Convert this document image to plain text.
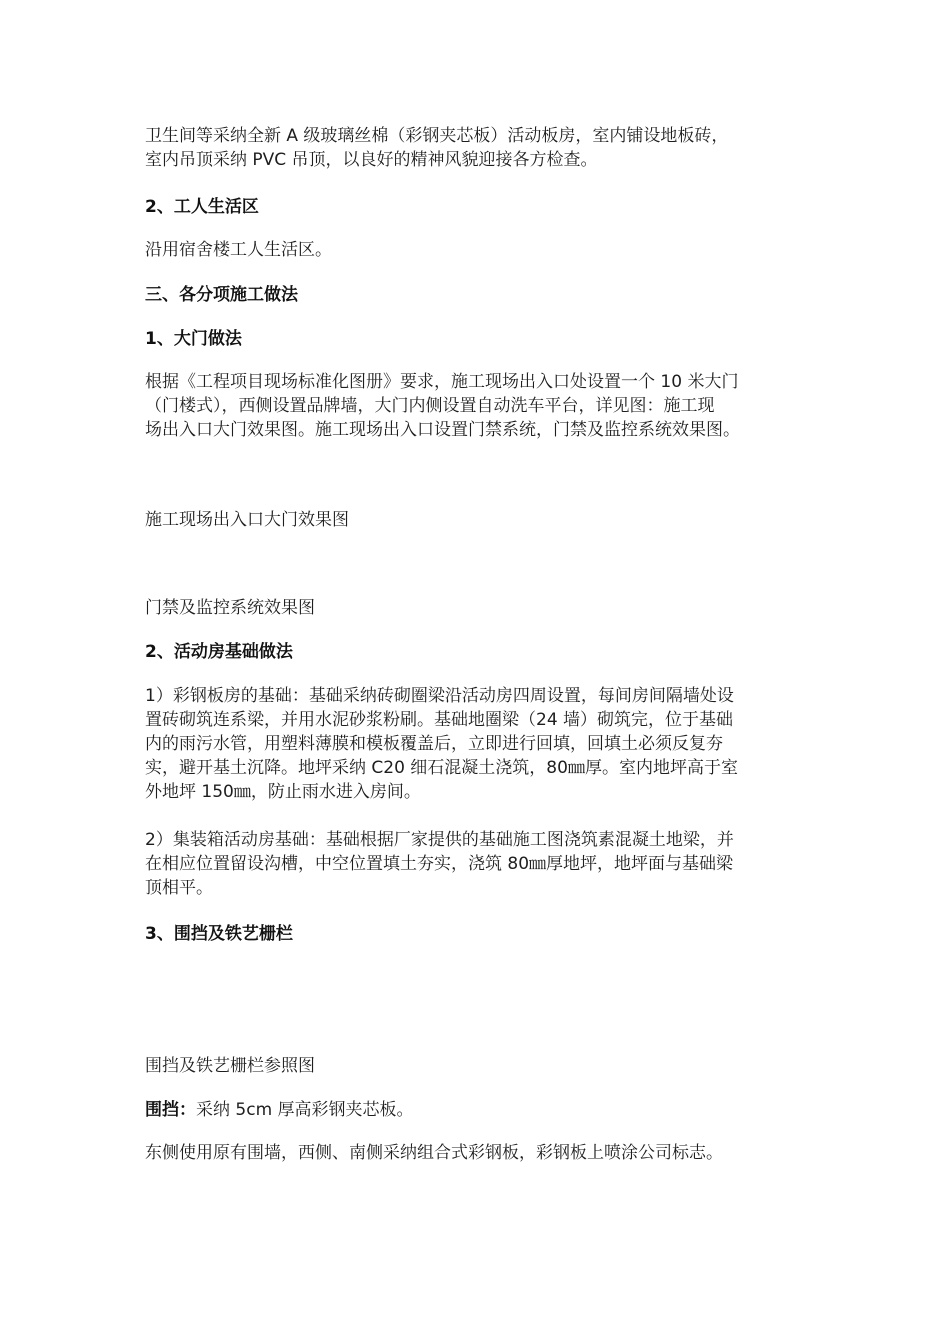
卫生间等采纳全新 A 级玻璃丝棉（彩钢夹芯板）活动板房，室内铺设地板砖，
室内吊顶采纳 PVC 吊顶，以良好的精神风貌迎接各方检查。

2、工人生活区

沿用宿舍楼工人生活区。

三、各分项施工做法

1、大门做法

根据《工程项目现场标准化图册》要求，施工现场出入口处设置一个 10 米大门
（门楼式），西侧设置品牌墙，大门内侧设置自动洗车平台，详见图：施工现
场出入口大门效果图。施工现场出入口设置门禁系统，门禁及监控系统效果图。

施工现场出入口大门效果图

门禁及监控系统效果图

2、活动房基础做法

1）彩钢板房的基础：基础采纳砖砌圈梁沿活动房四周设置，每间房间隔墙处设
置砖砌筑连系梁，并用水泥砂浆粉刷。基础地圈梁（24 墙）砌筑完，位于基础
内的雨污水管，用塑料薄膜和模板覆盖后，立即进行回填，回填土必须反复夯
实，避开基土沉降。地坪采纳 C20 细石混凝土浇筑，80㎜厚。室内地坪高于室
外地坪 150㎜，防止雨水进入房间。

2）集装箱活动房基础：基础根据厂家提供的基础施工图浇筑素混凝土地梁，并
在相应位置留设沟槽，中空位置填土夯实，浇筑 80㎜厚地坪，地坪面与基础梁
顶相平。

3、围挡及铁艺栅栏

围挡及铁艺栅栏参照图

围挡：采纳 5cm 厚高彩钢夹芯板。

东侧使用原有围墙，西侧、南侧采纳组合式彩钢板，彩钢板上喷涂公司标志。
